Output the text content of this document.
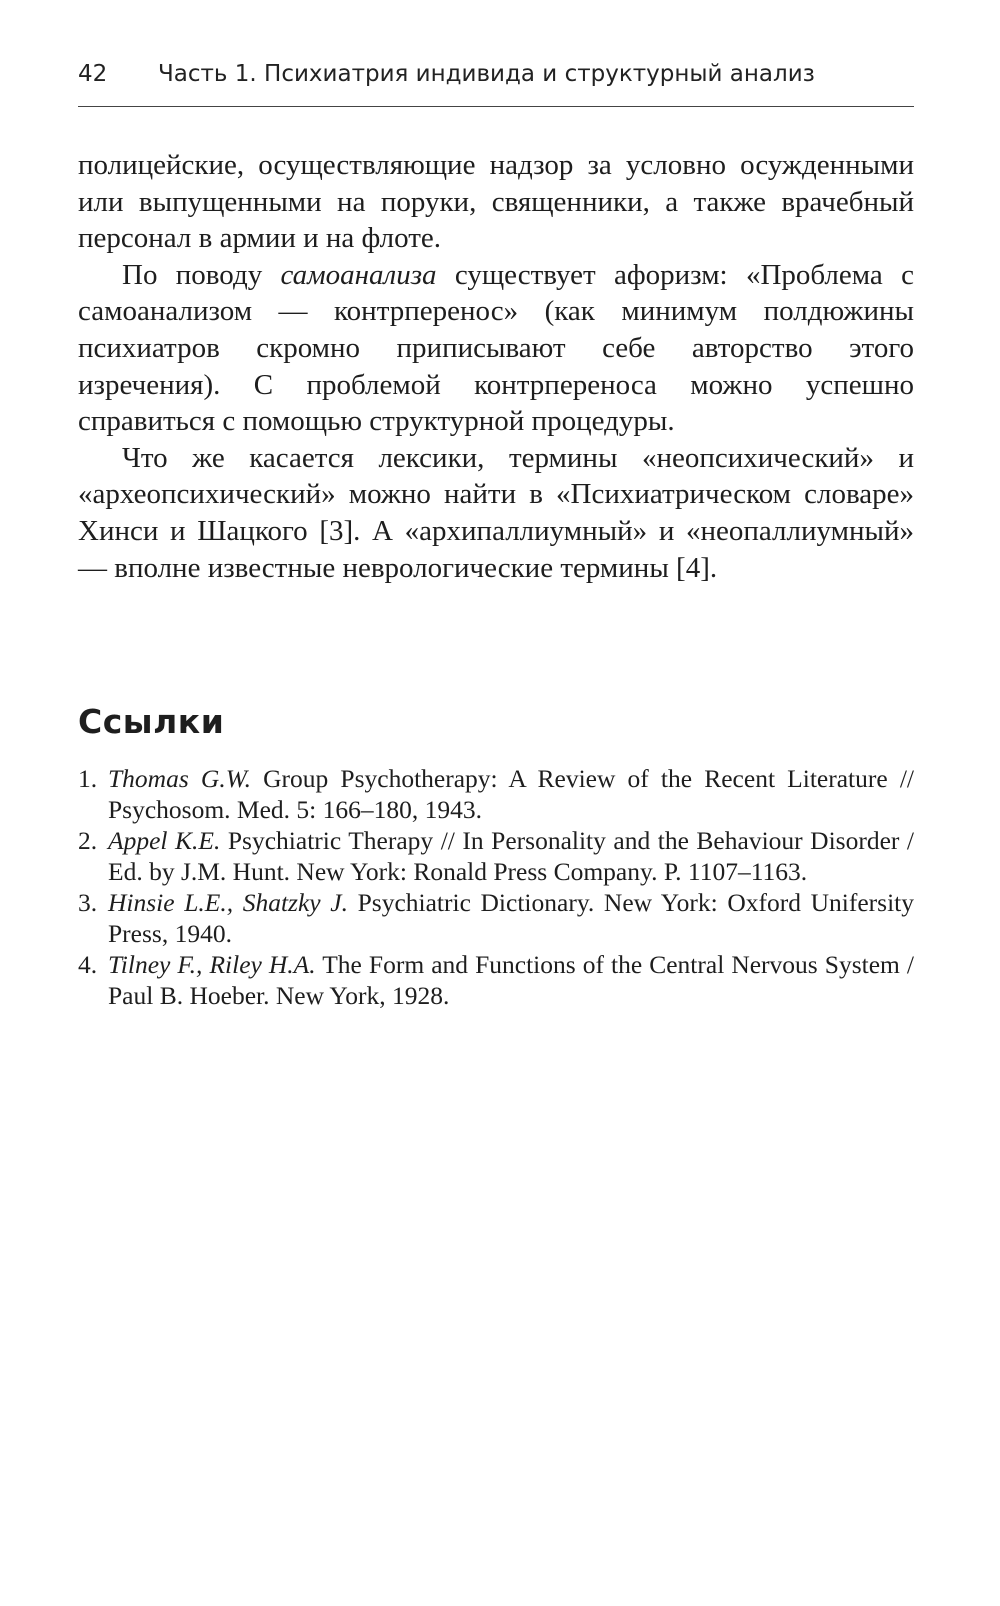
42 Часть 1. Психиатрия индивида и структурный анализ

полицейские, осуществляющие надзор за условно осужденными или выпущенными на поруки, священники, а также врачебный персонал в армии и на флоте.

По поводу самоанализа существует афоризм: «Проблема с самоанализом — контрперенос» (как минимум полдюжины психиатров скромно приписывают себе авторство этого изречения). С проблемой контрпереноса можно успешно справиться с помощью структурной процедуры.

Что же касается лексики, термины «неопсихический» и «археопсихический» можно найти в «Психиатрическом словаре» Хинси и Шацкого [3]. А «архипаллиумный» и «неопаллиумный» — вполне известные неврологические термины [4].

Ссылки
1. Thomas G.W. Group Psychotherapy: A Review of the Recent Literature // Psychosom. Med. 5: 166–180, 1943.
2. Appel K.E. Psychiatric Therapy // In Personality and the Behaviour Disorder / Ed. by J.M. Hunt. New York: Ronald Press Company. P. 1107–1163.
3. Hinsie L.E., Shatzky J. Psychiatric Dictionary. New York: Oxford Unifersity Press, 1940.
4. Tilney F., Riley H.A. The Form and Functions of the Central Nervous System / Paul B. Hoeber. New York, 1928.
